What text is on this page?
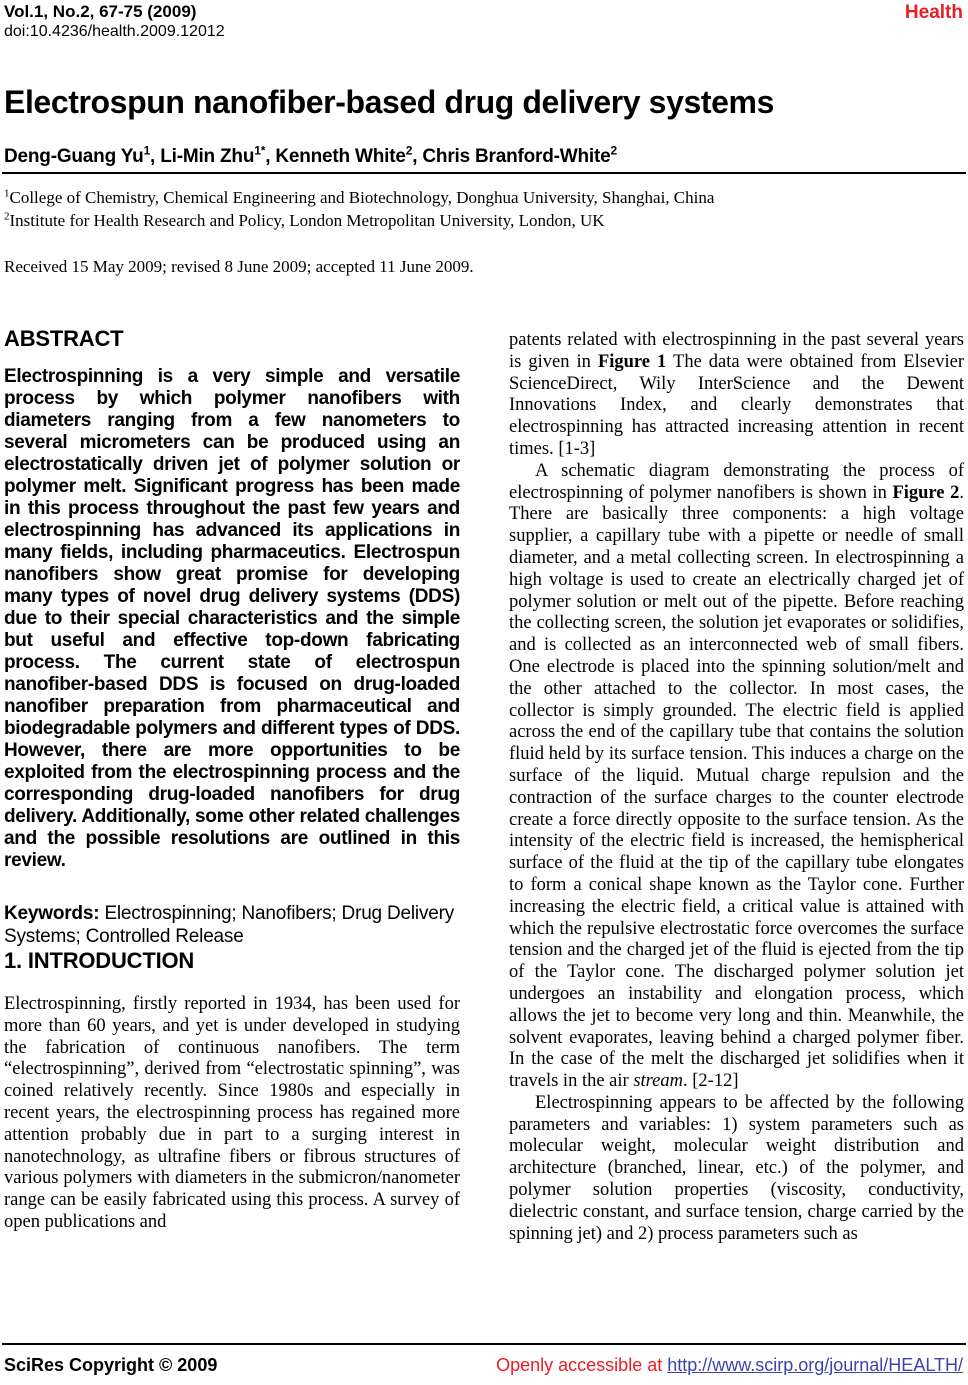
Vol.1, No.2, 67-75 (2009)
doi:10.4236/health.2009.12012
Health
Electrospun nanofiber-based drug delivery systems
Deng-Guang Yu$^1$, Li-Min Zhu$^{1*}$, Kenneth White$^2$, Chris Branford-White$^2$
$^1$College of Chemistry, Chemical Engineering and Biotechnology, Donghua University, Shanghai, China
$^2$Institute for Health Research and Policy, London Metropolitan University, London, UK
Received 15 May 2009; revised 8 June 2009; accepted 11 June 2009.
ABSTRACT

Electrospinning is a very simple and versatile process by which polymer nanofibers with diameters ranging from a few nanometers to several micrometers can be produced using an electrostatically driven jet of polymer solution or polymer melt. Significant progress has been made in this process throughout the past few years and electrospinning has advanced its applications in many fields, including pharmaceutics. Electrospun nanofibers show great promise for developing many types of novel drug delivery systems (DDS) due to their special characteristics and the simple but useful and effective top-down fabricating process. The current state of electrospun nanofiber-based DDS is focused on drug-loaded nanofiber preparation from pharmaceutical and biodegradable polymers and different types of DDS. However, there are more opportunities to be exploited from the electrospinning process and the corresponding drug-loaded nanofibers for drug delivery. Additionally, some other related challenges and the possible resolutions are outlined in this review.

Keywords: Electrospinning; Nanofibers; Drug Delivery Systems; Controlled Release

1. INTRODUCTION

Electrospinning, firstly reported in 1934, has been used for more than 60 years, and yet is under developed in studying the fabrication of continuous nanofibers. The term “electrospinning”, derived from “electrostatic spinning”, was coined relatively recently. Since 1980s and especially in recent years, the electrospinning process has regained more attention probably due in part to a surging interest in nanotechnology, as ultrafine fibers or fibrous structures of various polymers with diameters in the submicron/nanometer range can be easily fabricated using this process. A survey of open publications and

patents related with electrospinning in the past several years is given in Figure 1 The data were obtained from Elsevier ScienceDirect, Wily InterScience and the Dewent Innovations Index, and clearly demonstrates that electrospinning has attracted increasing attention in recent times. [1-3]

A schematic diagram demonstrating the process of electrospinning of polymer nanofibers is shown in Figure 2. There are basically three components: a high voltage supplier, a capillary tube with a pipette or needle of small diameter, and a metal collecting screen. In electrospinning a high voltage is used to create an electrically charged jet of polymer solution or melt out of the pipette. Before reaching the collecting screen, the solution jet evaporates or solidifies, and is collected as an interconnected web of small fibers. One electrode is placed into the spinning solution/melt and the other attached to the collector. In most cases, the collector is simply grounded. The electric field is applied across the end of the capillary tube that contains the solution fluid held by its surface tension. This induces a charge on the surface of the liquid. Mutual charge repulsion and the contraction of the surface charges to the counter electrode create a force directly opposite to the surface tension. As the intensity of the electric field is increased, the hemispherical surface of the fluid at the tip of the capillary tube elongates to form a conical shape known as the Taylor cone. Further increasing the electric field, a critical value is attained with which the repulsive electrostatic force overcomes the surface tension and the charged jet of the fluid is ejected from the tip of the Taylor cone. The discharged polymer solution jet undergoes an instability and elongation process, which allows the jet to become very long and thin. Meanwhile, the solvent evaporates, leaving behind a charged polymer fiber. In the case of the melt the discharged jet solidifies when it travels in the air stream. [2-12]

Electrospinning appears to be affected by the following parameters and variables: 1) system parameters such as molecular weight, molecular weight distribution and architecture (branched, linear, etc.) of the polymer, and polymer solution properties (viscosity, conductivity, dielectric constant, and surface tension, charge carried by the spinning jet) and 2) process parameters such as

SciRes Copyright © 2009	Openly accessible at http://www.scirp.org/journal/HEALTH/
